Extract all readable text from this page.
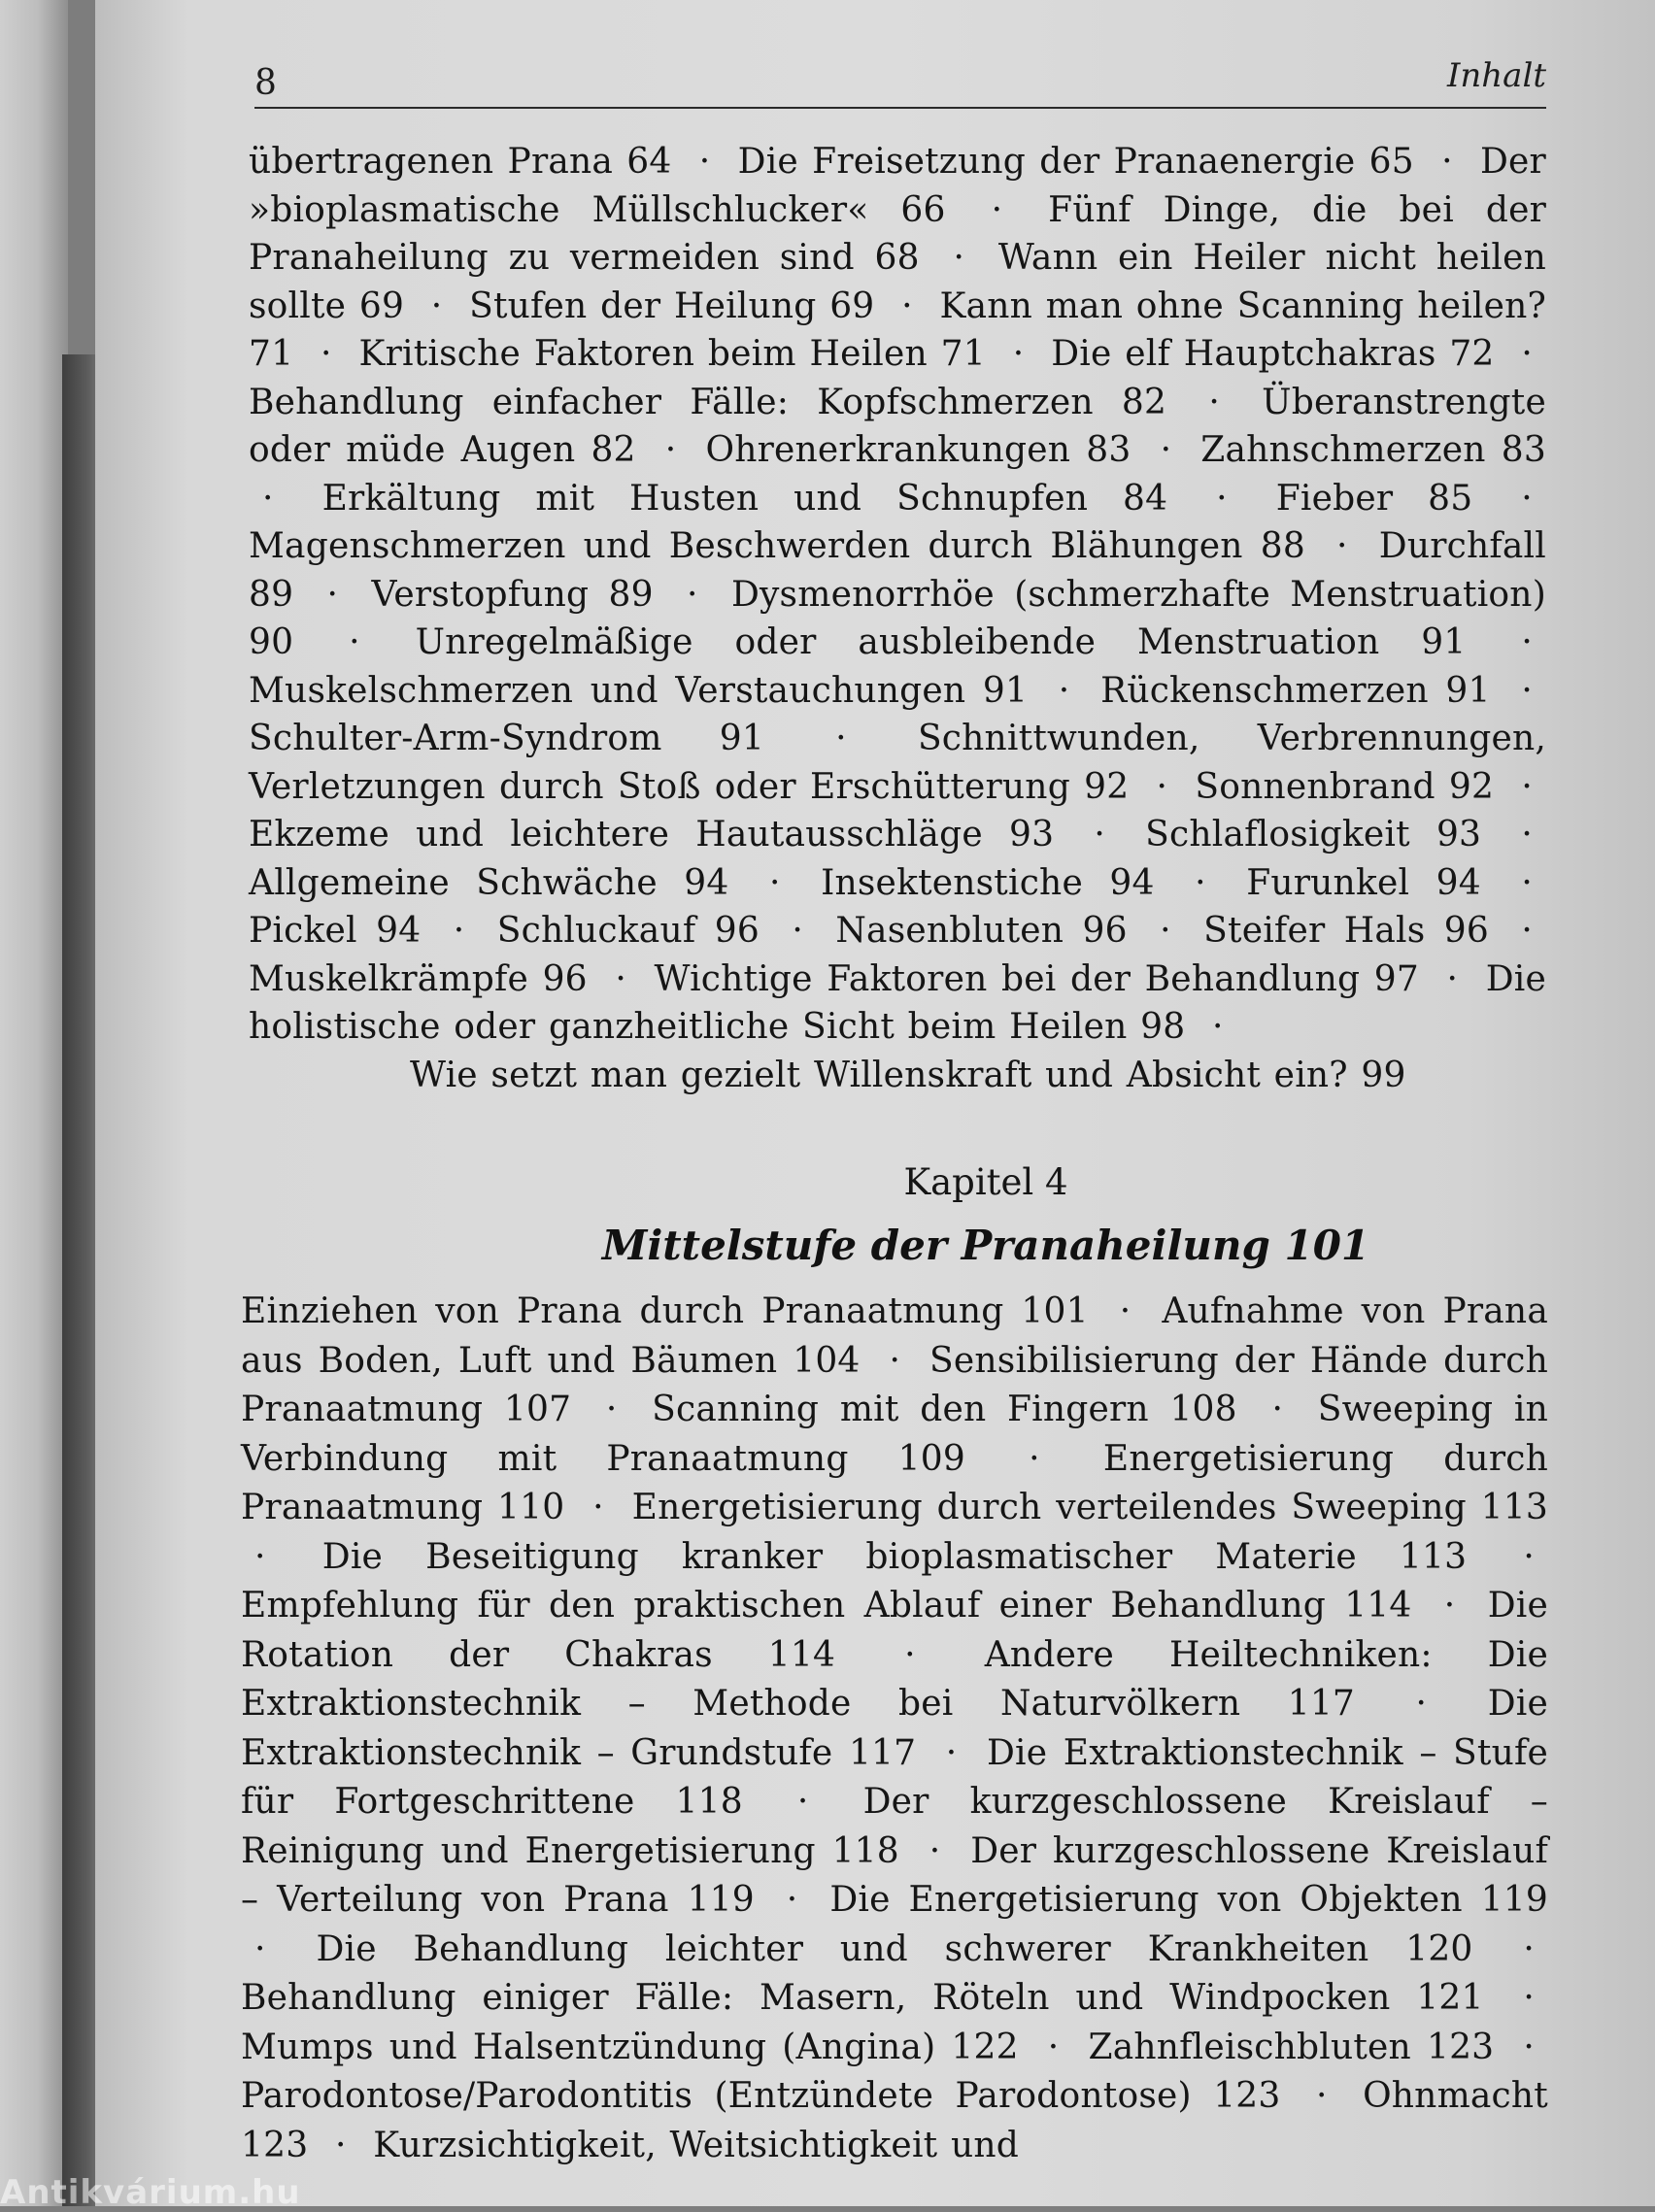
8	Inhalt
übertragenen Prana 64 · Die Freisetzung der Pranaenergie 65 · Der »bioplasmatische Müllschlucker« 66 · Fünf Dinge, die bei der Pranaheilung zu vermeiden sind 68 · Wann ein Heiler nicht heilen sollte 69 · Stufen der Heilung 69 · Kann man ohne Scanning heilen? 71 · Kritische Faktoren beim Heilen 71 · Die elf Hauptchakras 72 · Behandlung einfacher Fälle: Kopfschmerzen 82 · Überanstrengte oder müde Augen 82 · Ohrenerkrankungen 83 · Zahnschmerzen 83 · Erkältung mit Husten und Schnupfen 84 · Fieber 85 · Magenschmerzen und Beschwerden durch Blähungen 88 · Durchfall 89 · Verstopfung 89 · Dysmenorrhöe (schmerzhafte Menstruation) 90 · Unregelmäßige oder ausbleibende Menstruation 91 · Muskelschmerzen und Verstauchungen 91 · Rückenschmerzen 91 · Schulter-Arm-Syndrom 91 · Schnittwunden, Verbrennungen, Verletzungen durch Stoß oder Erschütterung 92 · Sonnenbrand 92 · Ekzeme und leichtere Hautausschläge 93 · Schlaflosigkeit 93 · Allgemeine Schwäche 94 · Insektenstiche 94 · Furunkel 94 · Pickel 94 · Schluckauf 96 · Nasenbluten 96 · Steifer Hals 96 · Muskelkrämpfe 96 · Wichtige Faktoren bei der Behandlung 97 · Die holistische oder ganzheitliche Sicht beim Heilen 98 ·
Wie setzt man gezielt Willenskraft und Absicht ein? 99
Kapitel 4
Mittelstufe der Pranaheilung 101
Einziehen von Prana durch Pranaatmung 101 · Aufnahme von Prana aus Boden, Luft und Bäumen 104 · Sensibilisierung der Hände durch Pranaatmung 107 · Scanning mit den Fingern 108 · Sweeping in Verbindung mit Pranaatmung 109 · Energetisierung durch Pranaatmung 110 · Energetisierung durch verteilendes Sweeping 113 · Die Beseitigung kranker bioplasmatischer Materie 113 · Empfehlung für den praktischen Ablauf einer Behandlung 114 · Die Rotation der Chakras 114 · Andere Heiltechniken: Die Extraktionstechnik – Methode bei Naturvölkern 117 · Die Extraktionstechnik – Grundstufe 117 · Die Extraktionstechnik – Stufe für Fortgeschrittene 118 · Der kurzgeschlossene Kreislauf – Reinigung und Energetisierung 118 · Der kurzgeschlossene Kreislauf – Verteilung von Prana 119 · Die Energetisierung von Objekten 119 · Die Behandlung leichter und schwerer Krankheiten 120 · Behandlung einiger Fälle: Masern, Röteln und Windpocken 121 · Mumps und Halsentzündung (Angina) 122 · Zahnfleischbluten 123 · Parodontose/Parodontitis (Entzündete Parodontose) 123 · Ohnmacht 123 · Kurzsichtigkeit, Weitsichtigkeit und
Antikvárium.hu
